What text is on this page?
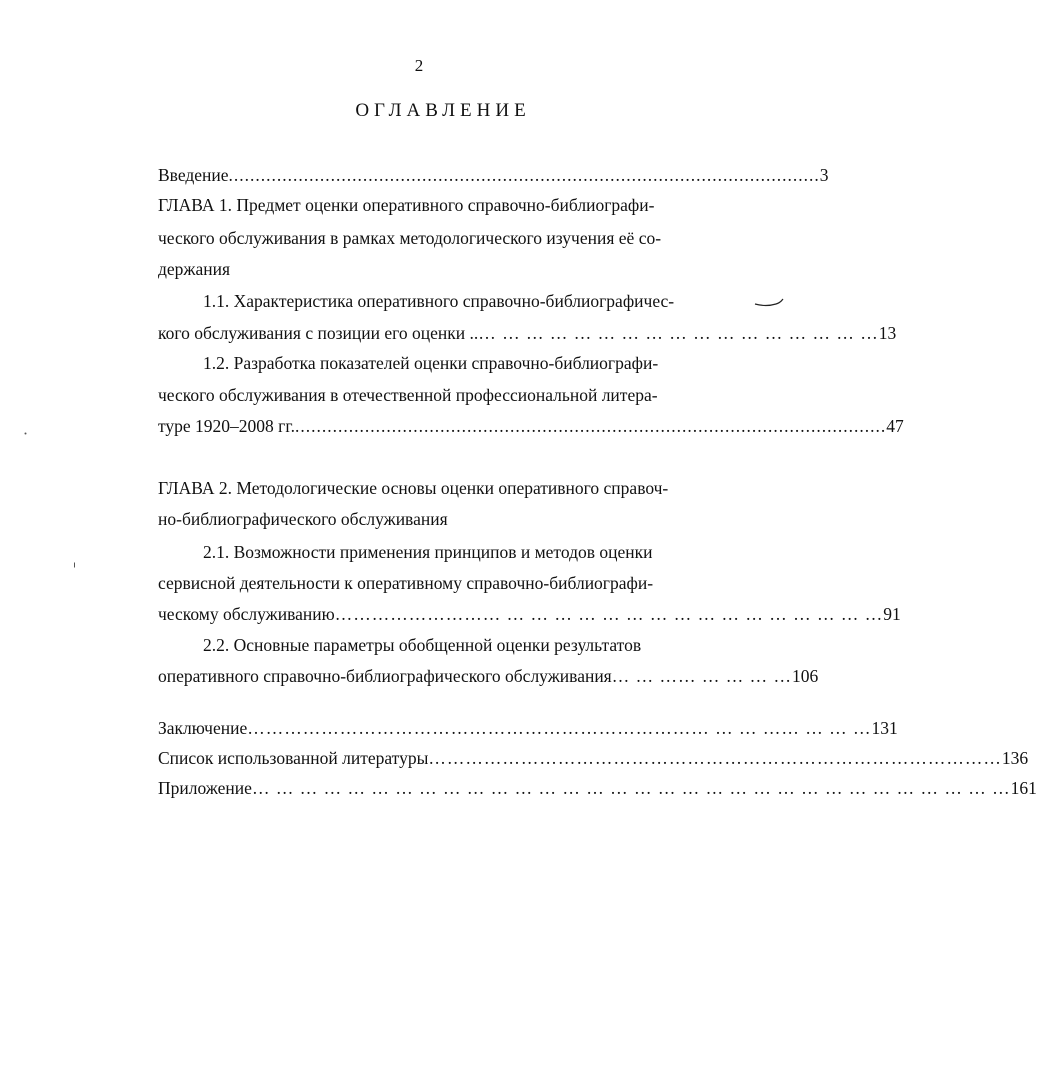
2
ОГЛАВЛЕНИЕ
Введение .............................................................................................................. 3
ГЛАВА 1. Предмет оценки оперативного справочно-библиографи-
ческого обслуживания в рамках методологического изучения её со-
держания
1.1. Характеристика оперативного справочно-библиографичес-
кого обслуживания с позиции его оценки .. … … … … … … … … … … … … … … … … … 13
1.2. Разработка показателей оценки справочно-библиографи-
ческого обслуживания в отечественной профессиональной литера-
туре 1920–2008 гг. .............................................................................................................. 47
ГЛАВА 2. Методологические основы оценки оперативного справоч-
но-библиографического обслуживания
2.1. Возможности применения принципов и методов оценки
сервисной деятельности к оперативному справочно-библиографи-
ческому обслуживанию ……………………… … … … … … … … … … … … … … … … … 91
2.2. Основные параметры обобщенной оценки результатов
оперативного справочно-библиографического обслуживания … … …… … … … … 106
Заключение ………………………………………………………………… … … …… … … … 131
Список использованной литературы ………………………………………………………………………………… 136
Приложение … … … … … … … … … … … … … … … … … … … … … … … … … … … … … … … … 161
